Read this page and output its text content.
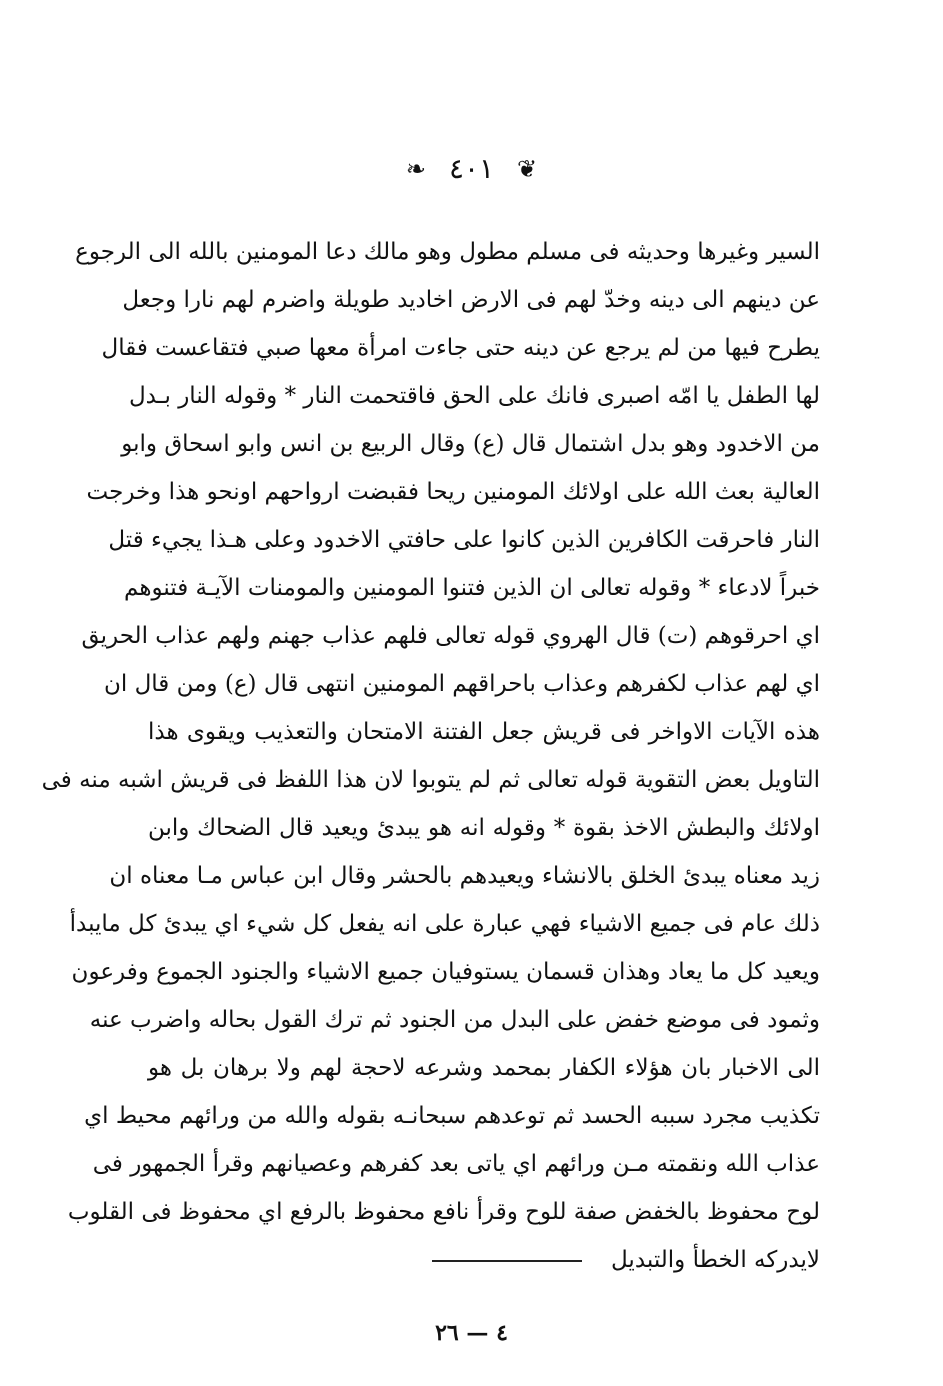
❦ ٤٠١ ❧
السير وغيرها وحديثه فى مسلم مطول وهو مالك دعا المومنين بالله الى الرجوع
عن دينهم الى دينه وخدّ لهم فى الارض اخاديد طويلة واضرم لهم نارا وجعل
يطرح فيها من لم يرجع عن دينه حتى جاءت امرأة معها صبي فتقاعست فقال
لها الطفل يا امّه اصبرى فانك على الحق فاقتحمت النار * وقوله النار بـدل
من الاخدود وهو بدل اشتمال قال (ع) وقال الربيع بن انس وابو اسحاق وابو
العالية بعث الله على اولائك المومنين ريحا فقبضت ارواحهم اونحو هذا وخرجت
النار فاحرقت الكافرين الذين كانوا على حافتي الاخدود وعلى هـذا يجيء قتل
خبراً لادعاء * وقوله تعالى ان الذين فتنوا المومنين والمومنات الآيـة فتنوهم
اي احرقوهم (ت) قال الهروي قوله تعالى فلهم عذاب جهنم ولهم عذاب الحريق
اي لهم عذاب لكفرهم وعذاب باحراقهم المومنين انتهى قال (ع) ومن قال ان
هذه الآيات الاواخر فى قريش جعل الفتنة الامتحان والتعذيب ويقوى هذا
التاويل بعض التقوية قوله تعالى ثم لم يتوبوا لان هذا اللفظ فى قريش اشبه منه فى
اولائك والبطش الاخذ بقوة * وقوله انه هو يبدئ ويعيد قال الضحاك وابن
زيد معناه يبدئ الخلق بالانشاء ويعيدهم بالحشر وقال ابن عباس مـا معناه ان
ذلك عام فى جميع الاشياء فهي عبارة على انه يفعل كل شيء اي يبدئ كل مايبدأ
ويعيد كل ما يعاد وهذان قسمان يستوفيان جميع الاشياء والجنود الجموع وفرعون
وثمود فى موضع خفض على البدل من الجنود ثم ترك القول بحاله واضرب عنه
الى الاخبار بان هؤلاء الكفار بمحمد وشرعه لاحجة لهم ولا برهان بل هو
تكذيب مجرد سببه الحسد ثم توعدهم سبحانـه بقوله والله من ورائهم محيط اي
عذاب الله ونقمته مـن ورائهم اي ياتى بعد كفرهم وعصيانهم وقرأ الجمهور فى
لوح محفوظ بالخفض صفة للوح وقرأ نافع محفوظ بالرفع اي محفوظ فى القلوب
لايدركه الخطأ والتبديل
٤ — ٢٦
